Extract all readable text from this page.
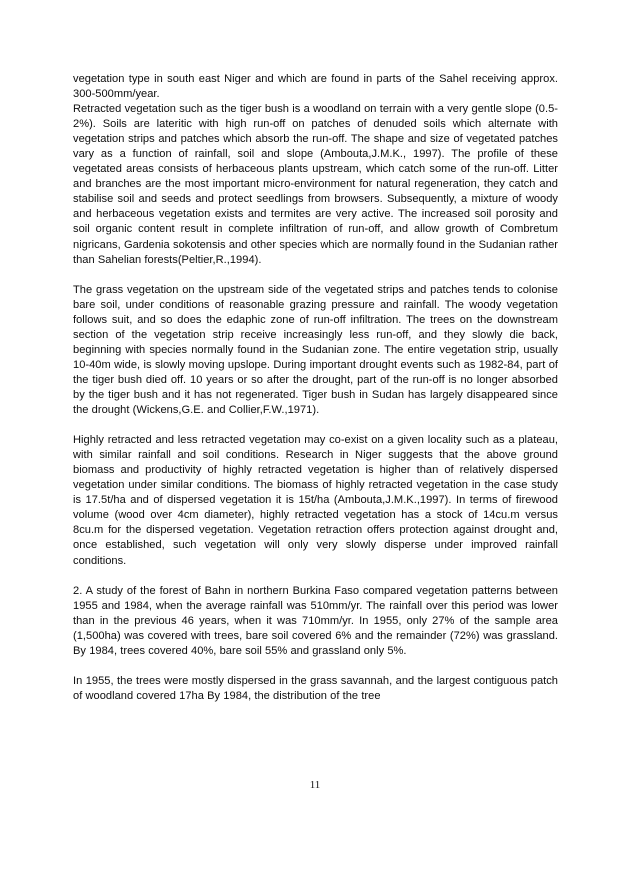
vegetation type in south east Niger and which are found in parts of the Sahel receiving approx. 300-500mm/year.

Retracted vegetation such as the tiger bush is a woodland on terrain with a very gentle slope (0.5-2%). Soils are lateritic with high run-off on patches of denuded soils which alternate with vegetation strips and patches which absorb the run-off. The shape and size of vegetated patches vary as a function of rainfall, soil and slope (Ambouta,J.M.K., 1997). The profile of these vegetated areas consists of herbaceous plants upstream, which catch some of the run-off. Litter and branches are the most important micro-environment for natural regeneration, they catch and stabilise soil and seeds and protect seedlings from browsers. Subsequently, a mixture of woody and herbaceous vegetation exists and termites are very active. The increased soil porosity and soil organic content result in complete infiltration of run-off, and allow growth of Combretum nigricans, Gardenia sokotensis and other species which are normally found in the Sudanian rather than Sahelian forests(Peltier,R.,1994).

The grass vegetation on the upstream side of the vegetated strips and patches tends to colonise bare soil, under conditions of reasonable grazing pressure and rainfall. The woody vegetation follows suit, and so does the edaphic zone of run-off infiltration. The trees on the downstream section of the vegetation strip receive increasingly less run-off, and they slowly die back, beginning with species normally found in the Sudanian zone. The entire vegetation strip, usually 10-40m wide, is slowly moving upslope. During important drought events such as 1982-84, part of the tiger bush died off. 10 years or so after the drought, part of the run-off is no longer absorbed by the tiger bush and it has not regenerated. Tiger bush in Sudan has largely disappeared since the drought (Wickens,G.E. and Collier,F.W.,1971).

Highly retracted and less retracted vegetation may co-exist on a given locality such as a plateau, with similar rainfall and soil conditions. Research in Niger suggests that the above ground biomass and productivity of highly retracted vegetation is higher than of relatively dispersed vegetation under similar conditions. The biomass of highly retracted vegetation in the case study is 17.5t/ha and of dispersed vegetation it is 15t/ha (Ambouta,J.M.K.,1997). In terms of firewood volume (wood over 4cm diameter), highly retracted vegetation has a stock of 14cu.m versus 8cu.m for the dispersed vegetation. Vegetation retraction offers protection against drought and, once established, such vegetation will only very slowly disperse under improved rainfall conditions.

2. A study of the forest of Bahn in northern Burkina Faso compared vegetation patterns between 1955 and 1984, when the average rainfall was 510mm/yr. The rainfall over this period was lower than in the previous 46 years, when it was 710mm/yr. In 1955, only 27% of the sample area (1,500ha) was covered with trees, bare soil covered 6% and the remainder (72%) was grassland. By 1984, trees covered 40%, bare soil 55% and grassland only 5%.

In 1955, the trees were mostly dispersed in the grass savannah, and the largest contiguous patch of woodland covered 17ha By 1984, the distribution of the tree

11
